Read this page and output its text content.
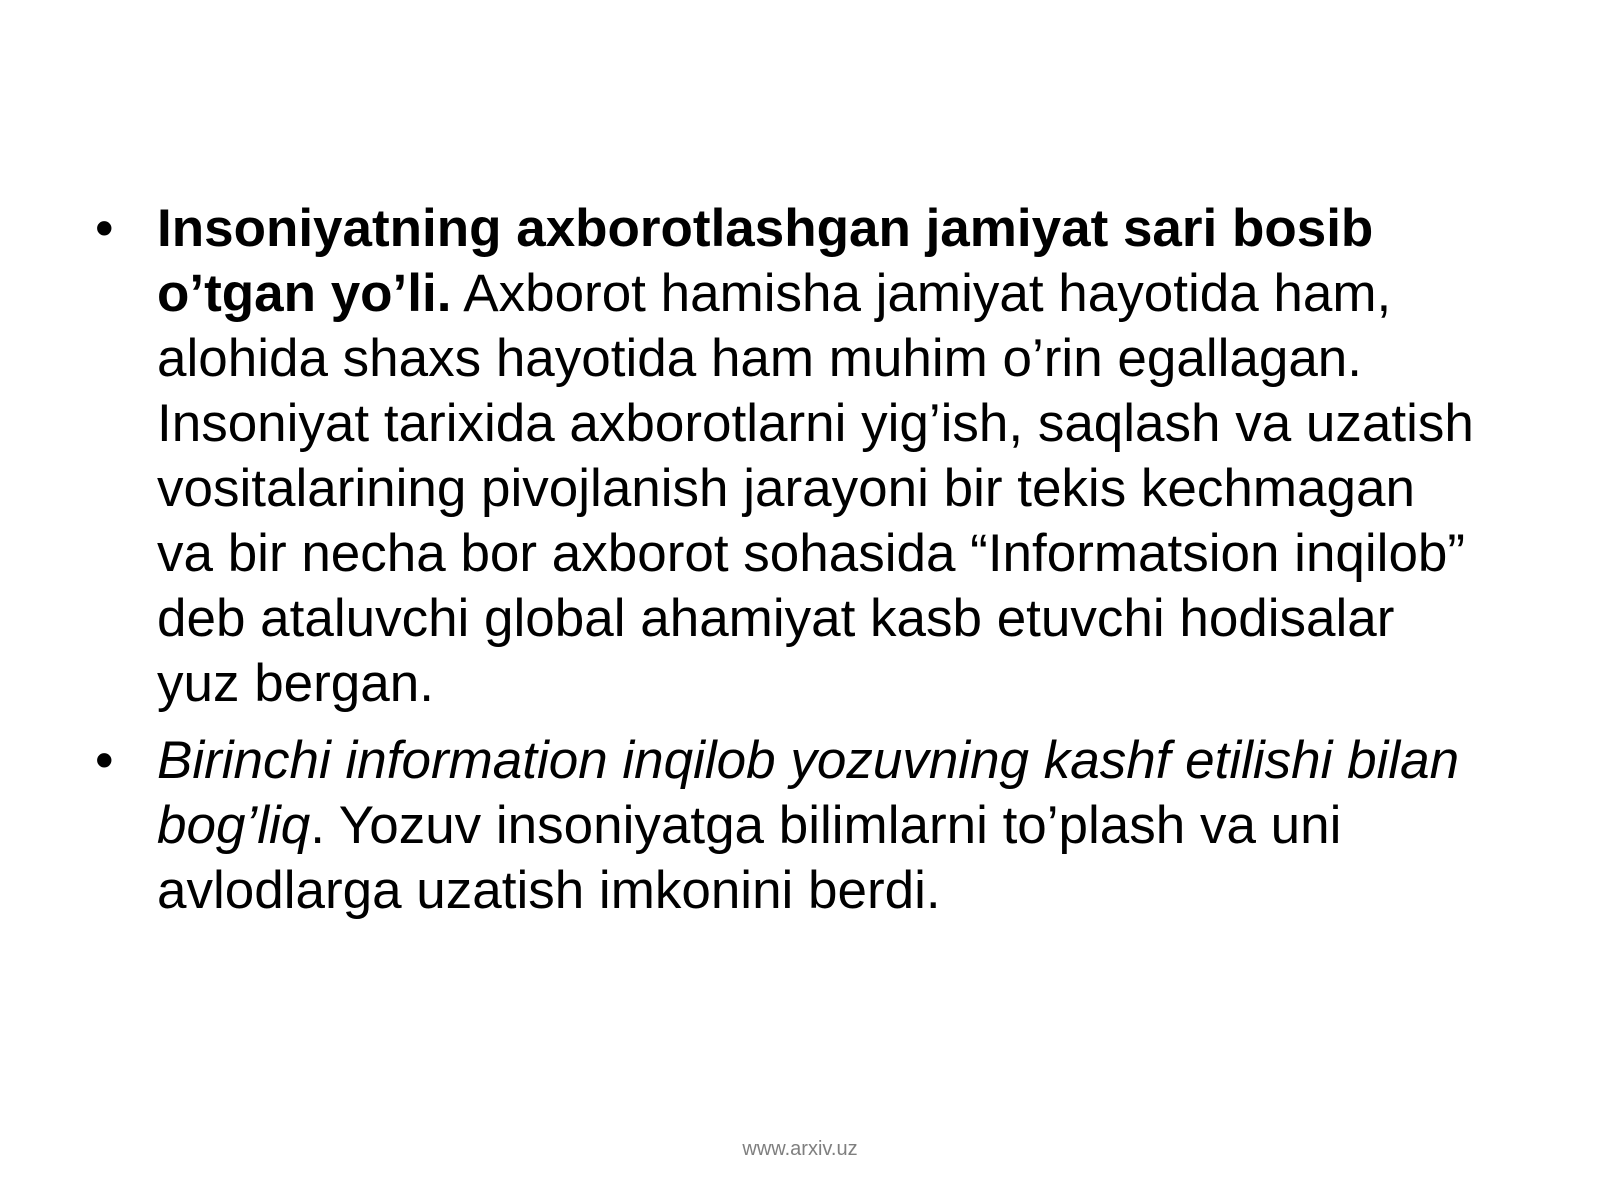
• Insoniyatning axborotlashgan jamiyat sari bosib o’tgan yo’li. Axborot hamisha jamiyat hayotida ham, alohida shaxs hayotida ham muhim o’rin egallagan. Insoniyat tarixida axborotlarni yig’ish, saqlash va uzatish vositalarining pivojlanish jarayoni bir tekis kechmagan va bir necha bor axborot sohasida “Informatsion inqilob” deb ataluvchi global ahamiyat kasb etuvchi hodisalar yuz bergan.
• Birinchi information inqilob yozuvning kashf etilishi bilan bog’liq. Yozuv insoniyatga bilimlarni to’plash va uni avlodlarga uzatish imkonini berdi.
www.arxiv.uz
